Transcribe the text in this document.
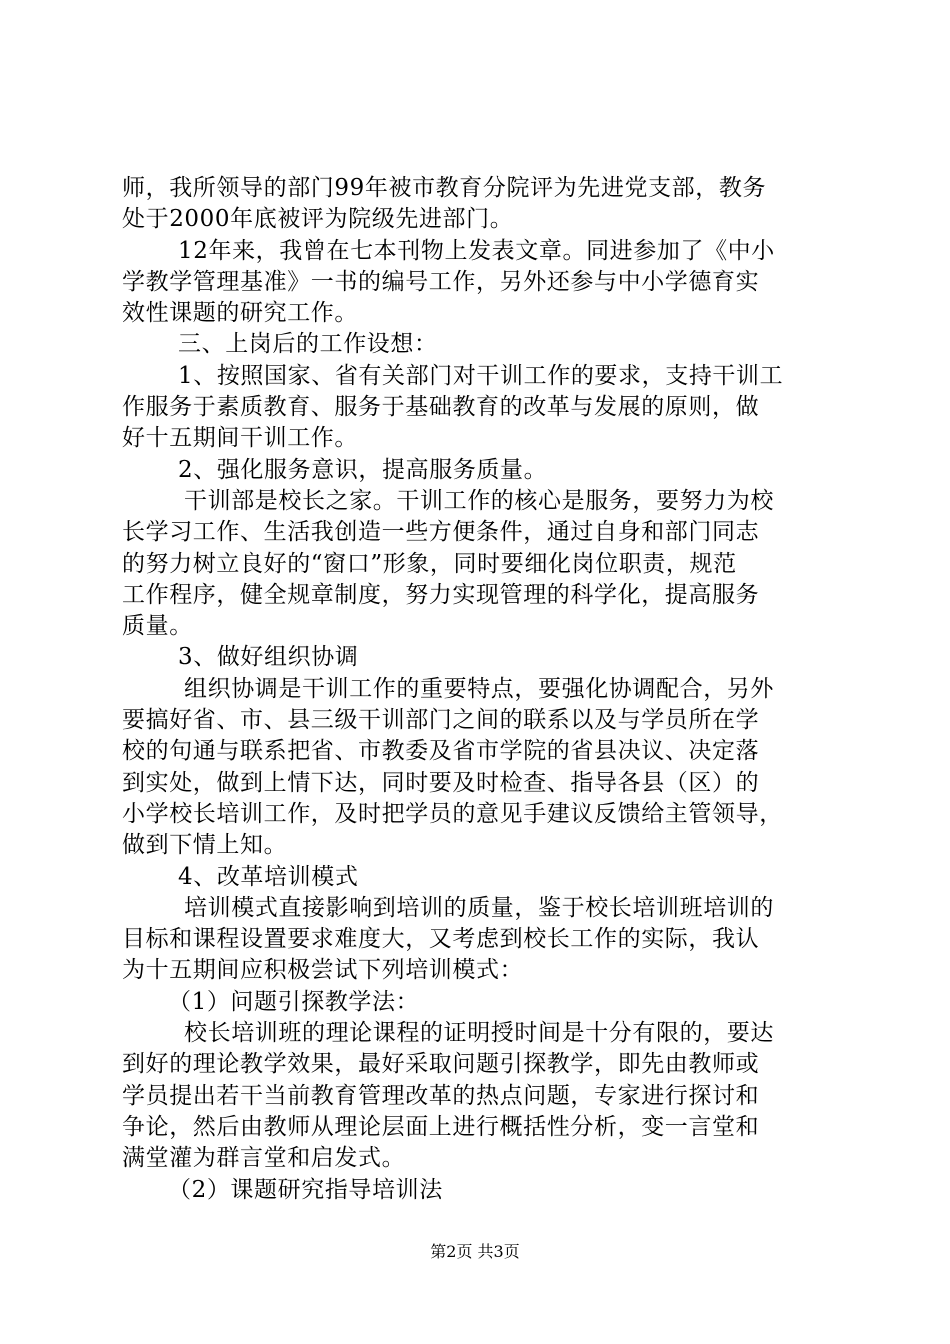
师，我所领导的部门99年被市教育分院评为先进党支部，教务
处于2000年底被评为院级先进部门。
12年来，我曾在七本刊物上发表文章。同进参加了《中小
学教学管理基准》一书的编号工作，另外还参与中小学德育实
效性课题的研究工作。
三、上岗后的工作设想：
1、按照国家、省有关部门对干训工作的要求，支持干训工
作服务于素质教育、服务于基础教育的改革与发展的原则，做
好十五期间干训工作。
2、强化服务意识，提高服务质量。
干训部是校长之家。干训工作的核心是服务，要努力为校
长学习工作、生活我创造一些方便条件，通过自身和部门同志
的努力树立良好的“窗口”形象，同时要细化岗位职责，规范
工作程序，健全规章制度，努力实现管理的科学化，提高服务
质量。
3、做好组织协调
组织协调是干训工作的重要特点，要强化协调配合，另外
要搞好省、市、县三级干训部门之间的联系以及与学员所在学
校的句通与联系把省、市教委及省市学院的省县决议、决定落
到实处，做到上情下达，同时要及时检查、指导各县（区）的
小学校长培训工作，及时把学员的意见手建议反馈给主管领导，
做到下情上知。
4、改革培训模式
培训模式直接影响到培训的质量，鉴于校长培训班培训的
目标和课程设置要求难度大，又考虑到校长工作的实际，我认
为十五期间应积极尝试下列培训模式：
（1）问题引探教学法：
校长培训班的理论课程的证明授时间是十分有限的，要达
到好的理论教学效果，最好采取问题引探教学，即先由教师或
学员提出若干当前教育管理改革的热点问题，专家进行探讨和
争论，然后由教师从理论层面上进行概括性分析，变一言堂和
满堂灌为群言堂和启发式。
（2）课题研究指导培训法
第2页 共3页
